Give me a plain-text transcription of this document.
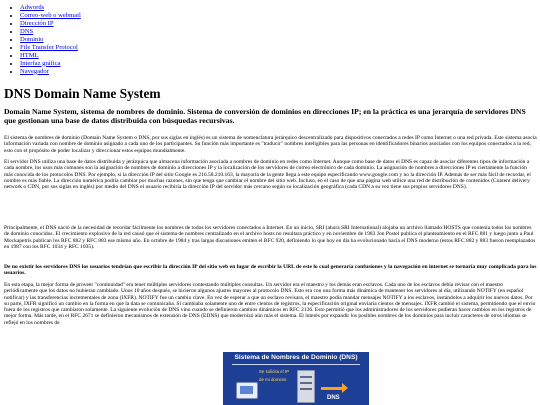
• Adwords
• Correo-web o webmail
• Dirección IP
• DNS
• Dominio
• File Transfer Protocol
• HTML
• Interfaz gráfica
• Navegador
DNS Domain Name System

Domain Name System, sistema de nombres de dominio. Sistema de conversión de dominios en direcciones IP; en la práctica es una jerarquía de servidores DNS que gestionan una base de datos distribuida con búsquedas recursivas.

El sistema de nombres de dominio (Domain Name System o DNS, por sus siglas en inglés) es un sistema de nomenclatura jerárquico descentralizado para dispositivos conectados a redes IP como Internet o una red privada. Este sistema asocia información variada con nombre de dominio asignado a cada uno de los participantes. Su función más importante es "traducir" nombres inteligibles para las personas en identificadores binarios asociados con los equipos conectados a la red, esto con el propósito de poder localizar y direccionar estos equipos mundialmente.

El servidor DNS utiliza una base de datos distribuida y jerárquica que almacena información asociada a nombres de dominio en redes como Internet. Aunque como base de datos el DNS es capaz de asociar diferentes tipos de información a cada nombre, los usos más comunes son la asignación de nombres de dominio a direcciones IP y la localización de los servidores de correo electrónico de cada dominio. La asignación de nombres a direcciones IP es ciertamente la función más conocida de los protocolos DNS. Por ejemplo, si la dirección IP del sitio Google es 216.58.210.163, la mayoría de la gente llega a este equipo especificando www.google.com y no la dirección IP. Además de ser más fácil de recordar, el nombre es más fiable. La dirección numérica podría cambiar por muchas razones, sin que tenga que cambiar el nombre del sitio web. Incluso, en el caso de que una página web utilice una red de distribución de contenidos (Content delivery network o CDN, por sus siglas en inglés) por medio del DNS el usuario recibiría la dirección IP del servidor más cercano según su localización geográfica (cada CDN a su vez tiene sus propios servidores DNS).

Principalmente, el DNS nació de la necesidad de recordar fácilmente los nombres de todos los servidores conectados a Internet. En un inicio, SRI (ahora SRI International) alojaba un archivo llamado HOSTS que contenía todos los nombres de dominio conocidos. El crecimiento explosivo de la red causó que el sistema de nombres centralizado en el archivo hosts no resultara práctico y en noviembre de 1983 Jon Postel publica el planteamiento en el RFC 881 y luego junto a Paul Mockapetris publican los RFC 882 y RFC 883 ese mismo año. En octubre de 1984 y tras largas discusiones emiten el RFC 920, definiendo lo que hoy en día ha evolucionado hacia el DNS moderno (estos RFC 882 y 883 fueron reemplazados en 1987 con los RFC 1034 y RFC 1035).

De no existir los servidores DNS los usuarios tendrían que escribir la dirección IP del sitio web en lugar de escribir la URL de este lo cual generaría confusiones y la navegación en internet se tornaría muy complicada para los usuarios.

En esta etapa, la mejor forma de proveer "continuidad" era tener múltiples servidores contestando múltiples consultas. Un servidor era el maestro y los demás eran esclavos. Cada uno de los esclavos debía revisar con el maestro periódicamente que los datos no hubieran cambiado. Unos 10 años después, se hicieron algunos ajustes mayores al protocolo DNS. Esto era con una forma más dinámica de mantener los servidores al día, utilizando NOTIFY (en español notificar) y las transferencias incrementales de zona (IXFR). NOTIFY fue un cambio clave. En vez de esperar a que un esclavo revisara, el maestro podía mandar mensajes NOTIFY a los esclavos, instándolos a adquirir los nuevos datos. Por su parte, IXFR significó un cambio en la forma en que la data se comunicaba. Si cambiaba solamente uno de entre cientos de registros, la especificación original enviaría cientos de mensajes. IXFR cambió el sistema, permitiendo que el envío fuera de los registros que cambiaron solamente. La siguiente evolución de DNS vino cuando se definieron cambios dinámicos en RFC 2136. Esto permitió que los administradores de los servidores pudieran hacer cambios en los registros de mejor forma. Más tarde, en el RFC 2671 se definieron mecanismos de extensión de DNS (EDNS) que modernizó aún más el sistema. El interés por expandir los posibles nombres de los dominios para incluir caracteres de otros idiomas se reflejó en los nombres de

Sistema de Nombres de Dominio (DNS)
Se solicita el IP
de mi dominio
DNS
